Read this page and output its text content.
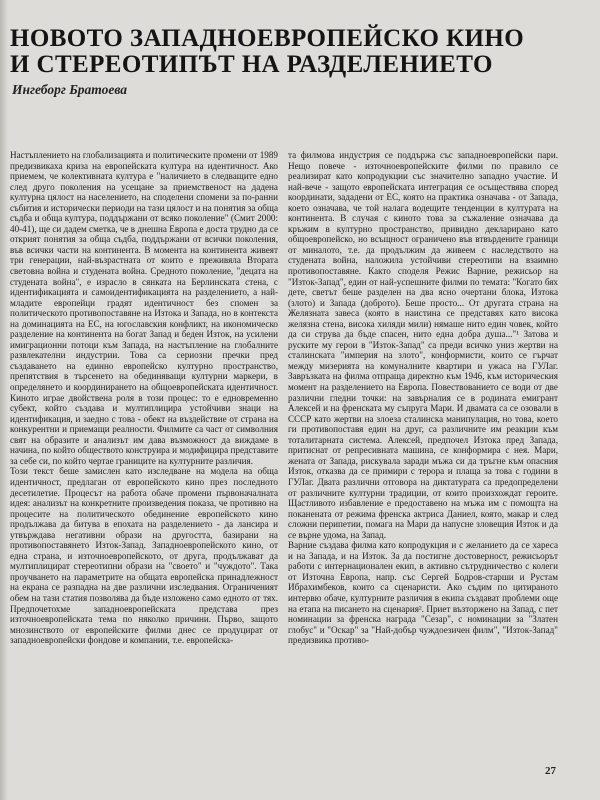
НОВОТО ЗАПАДНОЕВРОПЕЙСКО КИНО
И СТЕРЕОТИПЪТ НА РАЗДЕЛЕНИЕТО
Ингеборг Братоева

Настъплението на глобализацията и политическите промени от 1989 предизвикаха криза на европейската култура на идентичност. Ако приемем, че колективната култура е "наличието в следващите едно след друго поколения на усещане за приемственост на дадена културна цялост на населението, на споделени спомени за по-ранни събития и исторически периоди на тази цялост и на понятия за обща съдба и обща култура, поддържани от всяко поколение" (Смит 2000: 40-41), ще си дадем сметка, че в днешна Европа е доста трудно да се открият понятия за обща съдба, поддържани от всички поколения, във всички части на континента. В момента на континента живеят три генерации, най-възрастната от които е преживяла Втората световна война и студената война. Средното поколение, "децата на студената война", е израсло в сянката на Берлинската стена, с идентификацията и самоидентификацията на разделението, а най-младите европейци градят идентичност без спомен за политическото противопоставяне на Изтока и Запада, но в контекста на доминацията на ЕС, на югославския конфликт, на икономическо разделение на континента на богат Запад и беден Изток, на усилени имиграционни потоци към Запада, на настъпление на глобалните развлекателни индустрии. Това са сериозни пречки пред създаването на единно европейско културно пространство, препятствия в търсенето на обединяващи културни маркери, в определянето и координирането на общоевропейската идентичност. Киното играе двойствена роля в този процес: то е едновременно субект, който създава и мултиплицира устойчиви знаци на идентификация, и заедно с това - обект на въздействие от страна на конкурентни и приемащи реалности. Филмите са част от символния свят на образите и анализът им дава възможност да виждаме в начина, по който обществото конструира и модифицира представите за себе си, по който чертае границите на културните различия.

Този текст беше замислен като изследване на модела на обща идентичност, предлаган от европейското кино през последното десетилетие. Процесът на работа обаче промени първоначалната идея: анализът на конкретните произведения показа, че противно на процесите на политическото обединение европейското кино продължава да битува в епохата на разделението - да лансира и утвърждава негативни образи на другостта, базирани на противопоставянето Изток-Запад. Западноевропейското кино, от една страна, и източноевропейското, от друга, продължават да мултиплицират стереотипни образи на "своето" и "чуждото". Така проучването на параметрите на общата европейска принадлежност на екрана се разпадна на две различни изследвания. Ограниченият обем на тази статия позволява да бъде изложено само едното от тях. Предпочетохме западноевропейската представа през източноевропейската тема по няколко причини. Първо, защото мнозинството от европейските филми днес се продуцират от западноевропейски фондове и компании, т.е. европейска-

та филмова индустрия се поддържа със западноевропейски пари. Нещо повече - източноевропейските филми по правило се реализират като копродукции със значително западно участие. И най-вече - защото европейската интеграция се осъществява според координати, зададени от ЕС, която на практика означава - от Запада, което означава, че той налага водещите тенденции в културата на континента. В случая с киното това за съжаление означава да кръжим в културно пространство, привидно декларирано като общоевропейско, но всъщност ограничено във втвърдените граници от миналото, т.е. да продължим да живеем с наследството на студената война, наложила устойчиви стереотипи на взаимно противопоставяне. Както споделя Режис Варние, режисьор на "Изток-Запад", един от най-успешните филми по темата: "Когато бях дете, светът беше разделен на два ясно очертани блока, Изтока (злото) и Запада (доброто). Беше просто... От другата страна на Желязната завеса (която в наистина се представях като висока желязна стена, висока хиляди мили) нямаше нито един човек, който да си струва да бъде спасен, нито една добра душа..."¹ Затова и руските му герои в "Изток-Запад" са преди всичко униз жертви на сталинската "империя на злото", конформисти, които се гърчат между мизерията на комуналните квартири и ужаса на ГУЛаг. Завръзката на филма отпраща директно към 1946, към историческия момент на разделението на Европа. Повествованието се води от две различни гледни точки: на завърналия се в родината емигрант Алексей и на френската му съпруга Мари. И двамата са се озовали в СССР като жертви на злоеза сталинска манипулация, но това, което ги противопоставя един на друг, са различните им реакции към тоталитарната система. Алексей, предпочел Изтока пред Запада, притиснат от репресивната машина, се конформира с нея. Мари, жената от Запада, рискувала заради мъжа си да тръгне към опасния Изток, отказва да се примири с терора и плаща за това с години в ГУЛаг. Двата различни отговора на диктатурата са предопределени от различните културни традиции, от които произхождат героите. Щастливото избавление е предоставено на мъжа им с помощта на поканената от режима френска актриса Даниел, която, макар и след сложни перипетии, помага на Мари да напусне зловещия Изток и да се върне удома, на Запад.

Варние създава филма като копродукция и с желанието да се хареса и на Запада, и на Изток. За да постигне достоверност, режисьорът работи с интернационален екип, в активно сътрудничество с колеги от Източна Европа, напр. със Сергей Бодров-старши и Рустам Ибрахимбеков, които са сценаристи. Ако съдим по цитираното интервю обаче, културните различия в екипа създават проблеми още на етапа на писането на сценария². Приет възторжено на Запад, с пет номинации за френска награда "Сезар", с номинации за "Златен глобус" и "Оскар" за "Най-добър чуждоезичен филм", "Изток-Запад" предизвика противо-

27
